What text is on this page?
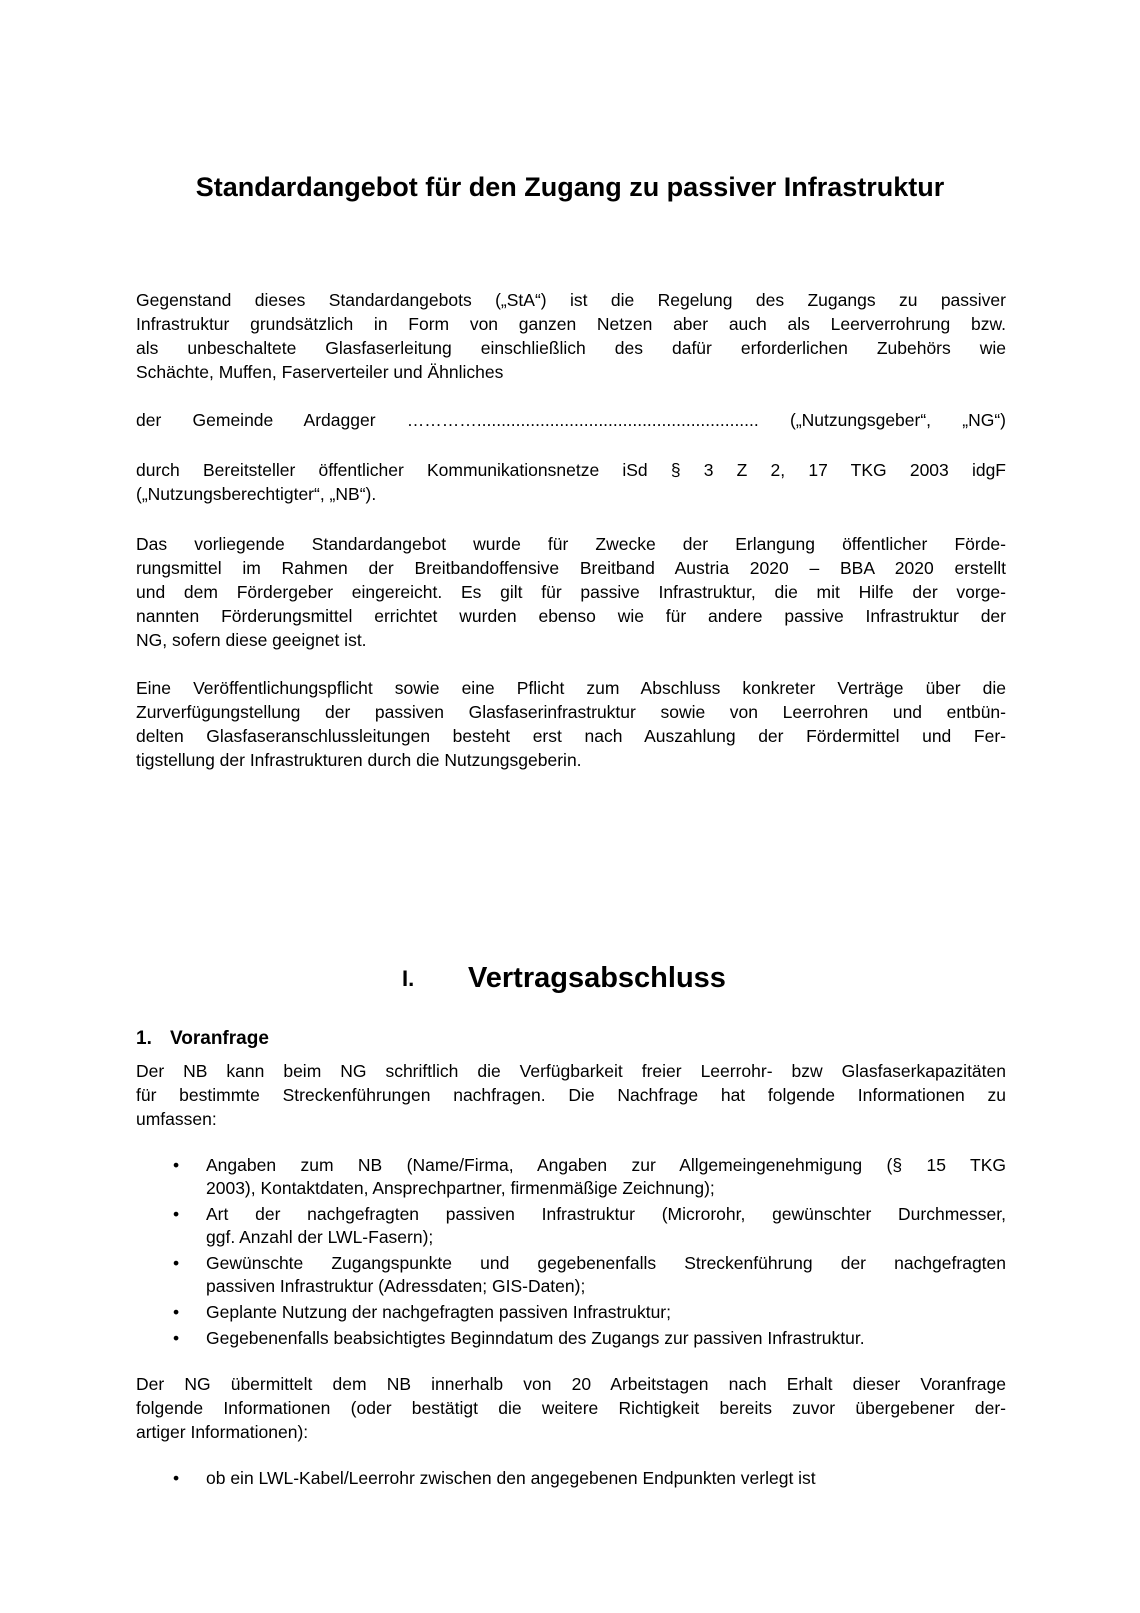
Standardangebot für den Zugang zu passiver Infrastruktur

Gegenstand dieses Standardangebots („StA“) ist die Regelung des Zugangs zu passiver
Infrastruktur grundsätzlich in Form von ganzen Netzen aber auch als Leerverrohrung bzw.
als unbeschaltete Glasfaserleitung einschließlich des dafür erforderlichen Zubehörs wie
Schächte, Muffen, Faserverteiler und Ähnliches

der Gemeinde Ardagger ………….......................................................... („Nutzungsgeber“, „NG“)

durch Bereitsteller öffentlicher Kommunikationsnetze iSd § 3 Z 2, 17 TKG 2003 idgF
(„Nutzungsberechtigter“, „NB“).

Das vorliegende Standardangebot wurde für Zwecke der Erlangung öffentlicher Förde-
rungsmittel im Rahmen der Breitbandoffensive Breitband Austria 2020 – BBA 2020 erstellt
und dem Fördergeber eingereicht. Es gilt für passive Infrastruktur, die mit Hilfe der vorge-
nannten Förderungsmittel errichtet wurden ebenso wie für andere passive Infrastruktur der
NG, sofern diese geeignet ist.

Eine Veröffentlichungspflicht sowie eine Pflicht zum Abschluss konkreter Verträge über die
Zurverfügungstellung der passiven Glasfaserinfrastruktur sowie von Leerrohren und entbün-
delten Glasfaseranschlussleitungen besteht erst nach Auszahlung der Fördermittel und Fer-
tigstellung der Infrastrukturen durch die Nutzungsgeberin.

I. Vertragsabschluss
1. Voranfrage

Der NB kann beim NG schriftlich die Verfügbarkeit freier Leerrohr- bzw Glasfaserkapazitäten
für bestimmte Streckenführungen nachfragen. Die Nachfrage hat folgende Informationen zu
umfassen:

• Angaben zum NB (Name/Firma, Angaben zur Allgemeingenehmigung (§ 15 TKG
2003), Kontaktdaten, Ansprechpartner, firmenmäßige Zeichnung);
• Art der nachgefragten passiven Infrastruktur (Microrohr, gewünschter Durchmesser,
ggf. Anzahl der LWL-Fasern);
• Gewünschte Zugangspunkte und gegebenenfalls Streckenführung der nachgefragten
passiven Infrastruktur (Adressdaten; GIS-Daten);
• Geplante Nutzung der nachgefragten passiven Infrastruktur;
• Gegebenenfalls beabsichtigtes Beginndatum des Zugangs zur passiven Infrastruktur.

Der NG übermittelt dem NB innerhalb von 20 Arbeitstagen nach Erhalt dieser Voranfrage
folgende Informationen (oder bestätigt die weitere Richtigkeit bereits zuvor übergebener der-
artiger Informationen):

• ob ein LWL-Kabel/Leerrohr zwischen den angegebenen Endpunkten verlegt ist
